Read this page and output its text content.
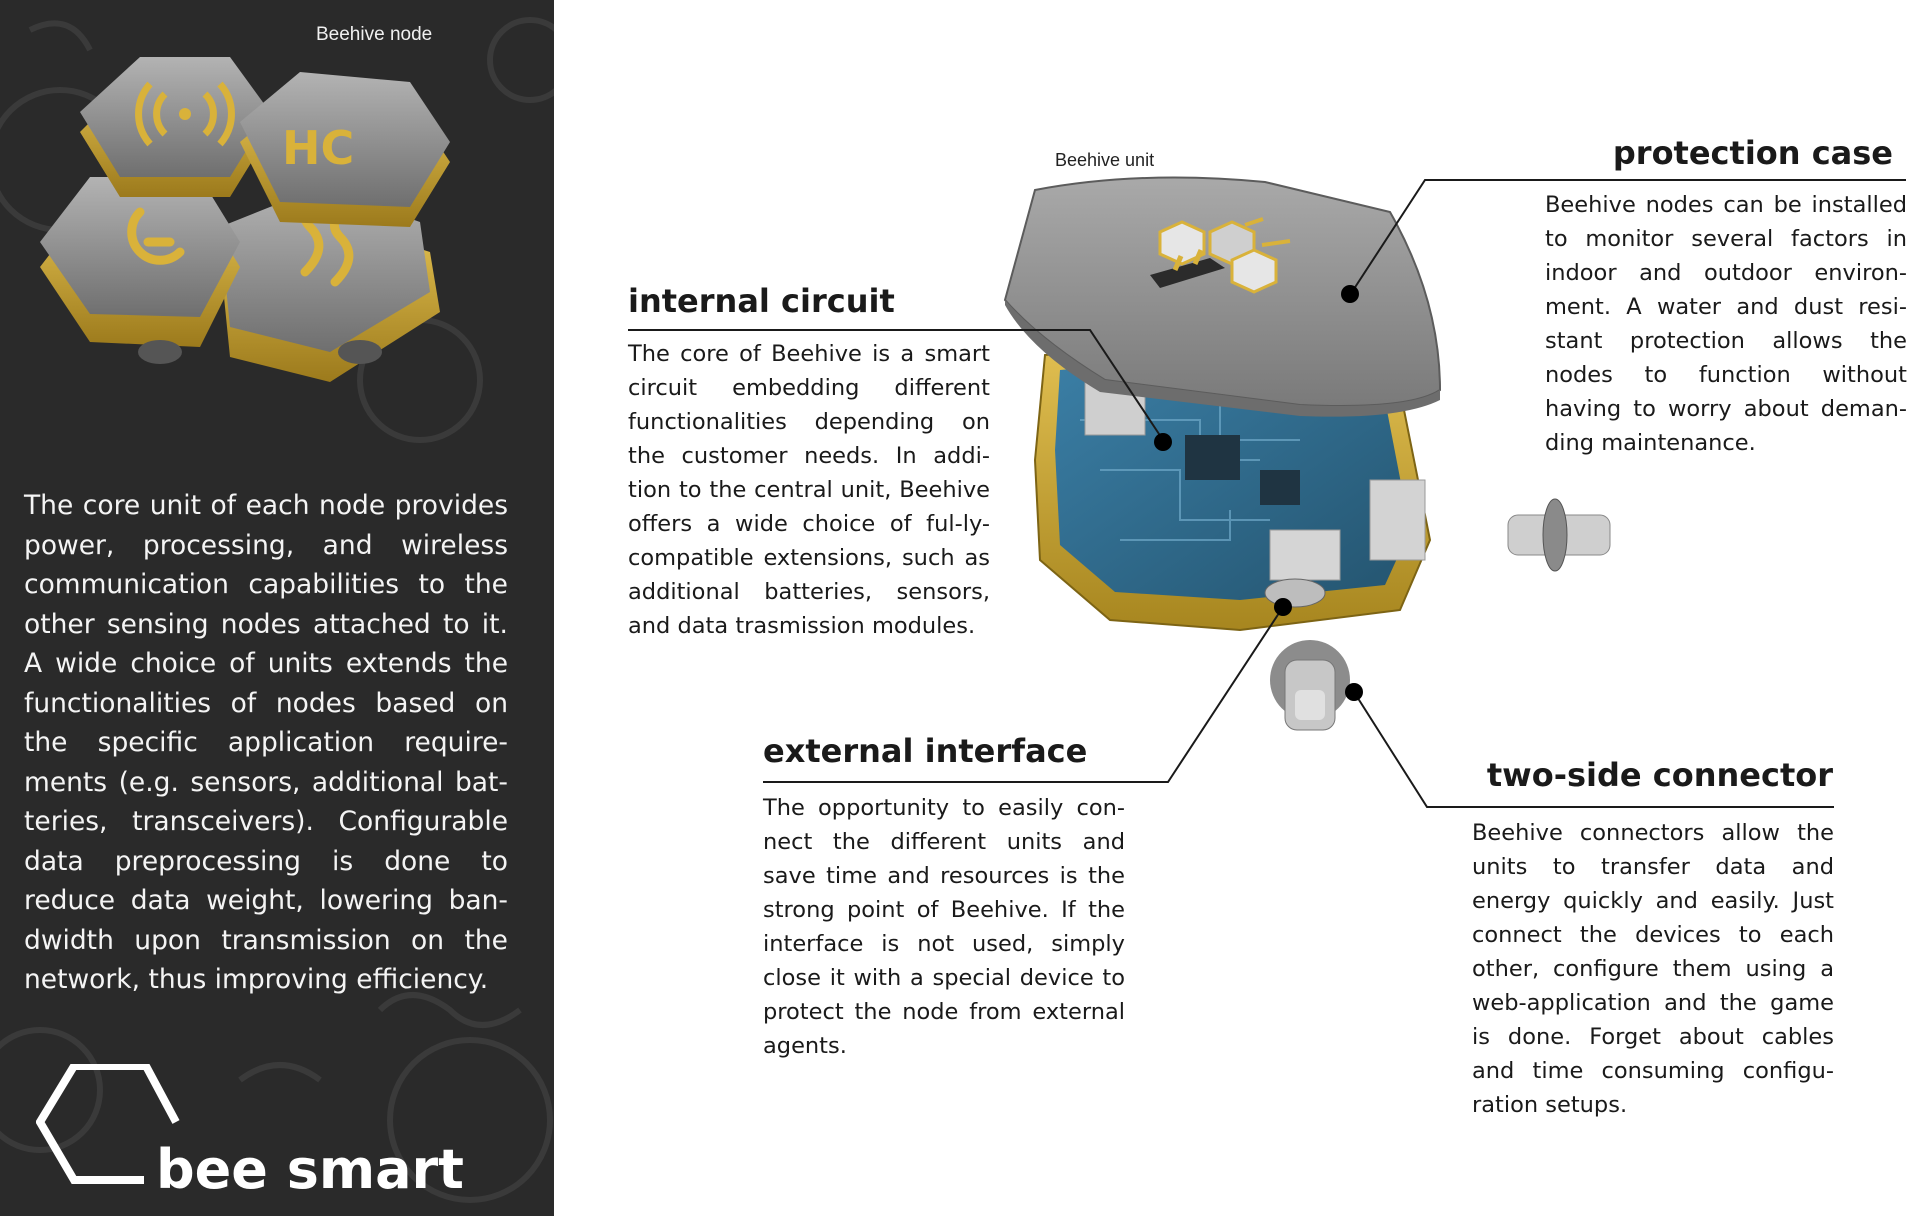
Beehive node
HC
The core unit of each node provides power, processing, and wireless communication capabilities to the other sensing nodes attached to it. A wide choice of units extends the functionalities of nodes based on the specific application require-ments (e.g. sensors, additional bat-teries, transceivers). Configurable data preprocessing is done to reduce data weight, lowering ban-dwidth upon transmission on the network, thus improving efficiency.
bee smart
Beehive unit
internal circuit
The core of Beehive is a smart circuit embedding different functionalities depending on the customer needs. In addi-tion to the central unit, Beehive offers a wide choice of ful-ly-compatible extensions, such as additional batteries, sensors, and data trasmission modules.
protection case
Beehive nodes can be installed to monitor several factors in indoor and outdoor environ-ment. A water and dust resi-stant protection allows the nodes to function without having to worry about deman-ding maintenance.
external interface
The opportunity to easily con-nect the different units and save time and resources is the strong point of Beehive. If the interface is not used, simply close it with a special device to protect the node from external agents.
two-side connector
Beehive connectors allow the units to transfer data and energy quickly and easily. Just connect the devices to each other, configure them using a web-application and the game is done. Forget about cables and time consuming configu-ration setups.
